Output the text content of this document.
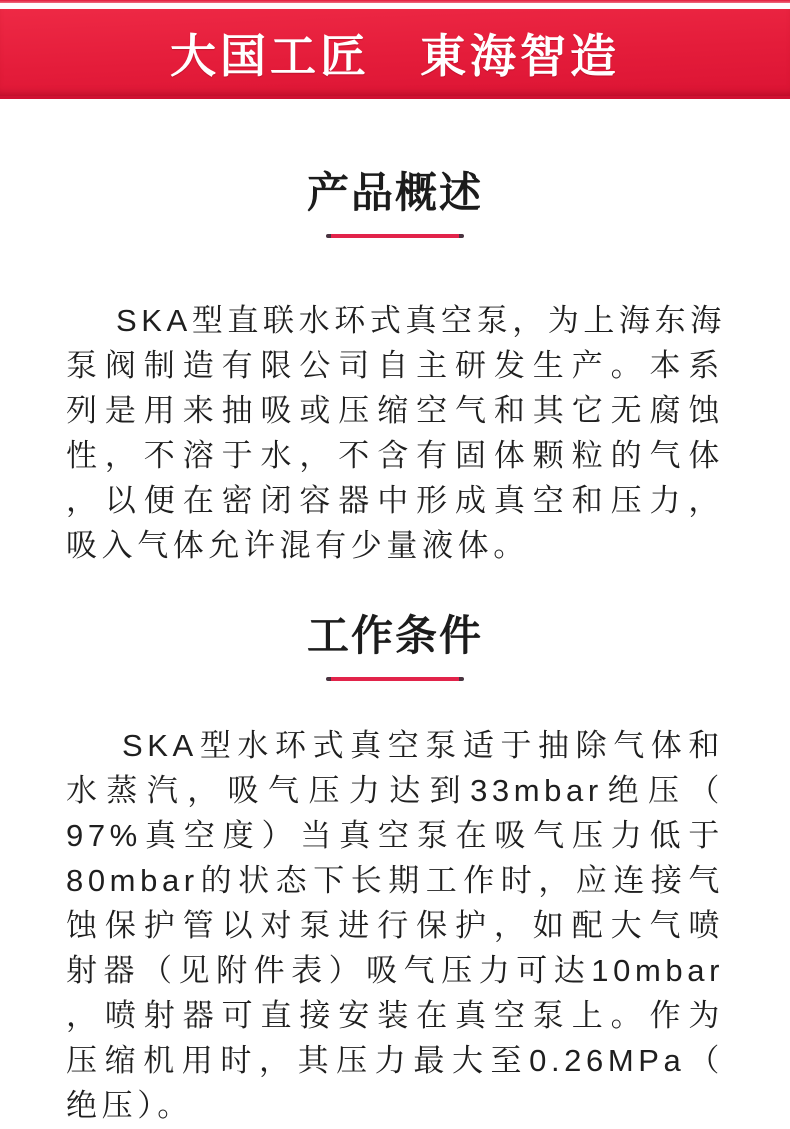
大国工匠　東海智造
产品概述
SKA型直联水环式真空泵，为上海东海
泵阀制造有限公司自主研发生产。本系
列是用来抽吸或压缩空气和其它无腐蚀
性，不溶于水，不含有固体颗粒的气体
，以便在密闭容器中形成真空和压力，
吸入气体允许混有少量液体。
工作条件
SKA型水环式真空泵适于抽除气体和
水蒸汽，吸气压力达到33mbar绝压（
97%真空度）当真空泵在吸气压力低于
80mbar的状态下长期工作时，应连接气
蚀保护管以对泵进行保护，如配大气喷
射器（见附件表）吸气压力可达10mbar
，喷射器可直接安装在真空泵上。作为
压缩机用时，其压力最大至0.26MPa（
绝压）。
